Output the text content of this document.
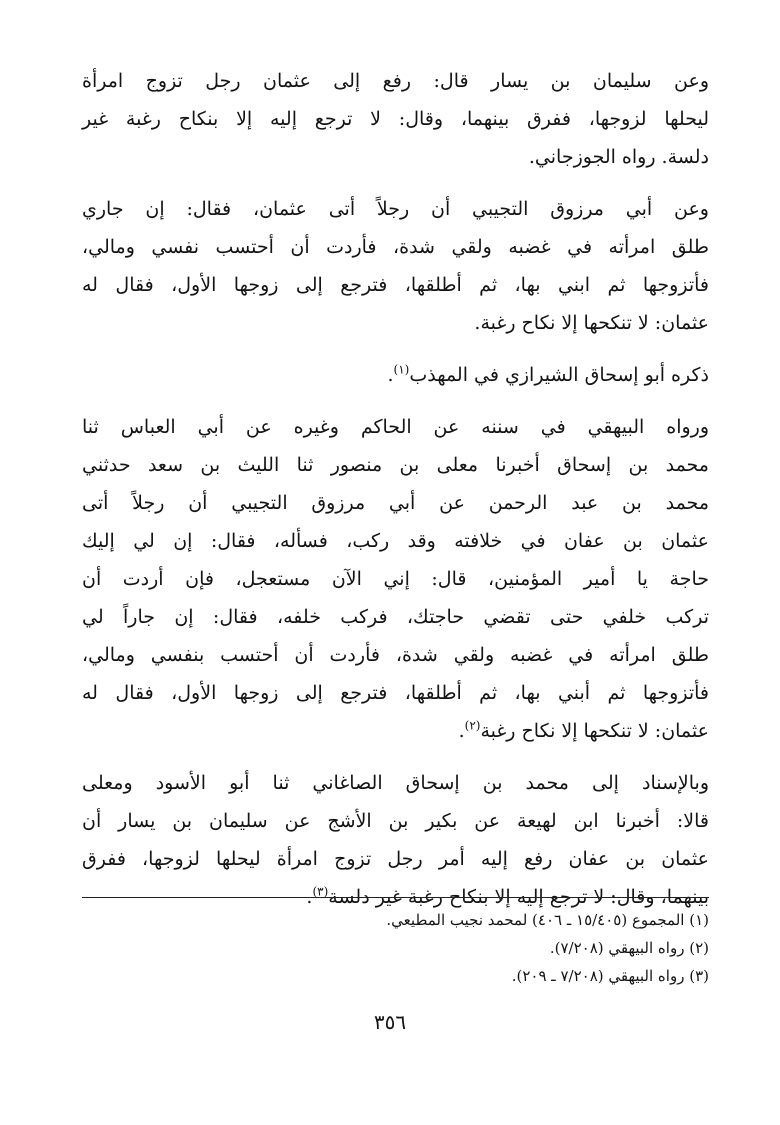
وعن سليمان بن يسار قال: رفع إلى عثمان رجل تزوج امرأة
ليحلها لزوجها، ففرق بينهما، وقال: لا ترجع إليه إلا بنكاح رغبة غير
دلسة. رواه الجوزجاني.

وعن أبي مرزوق التجيبي أن رجلاً أتى عثمان، فقال: إن جاري
طلق امرأته في غضبه ولقي شدة، فأردت أن أحتسب نفسي ومالي،
فأتزوجها ثم ابني بها، ثم أطلقها، فترجع إلى زوجها الأول، فقال له
عثمان: لا تنكحها إلا نكاح رغبة.

ذكره أبو إسحاق الشيرازي في المهذب$^{(١)}$.

ورواه البيهقي في سننه عن الحاكم وغيره عن أبي العباس ثنا
محمد بن إسحاق أخبرنا معلى بن منصور ثنا الليث بن سعد حدثني
محمد بن عبد الرحمن عن أبي مرزوق التجيبي أن رجلاً أتى
عثمان بن عفان في خلافته وقد ركب، فسأله، فقال: إن لي إليك
حاجة يا أمير المؤمنين، قال: إني الآن مستعجل، فإن أردت أن
تركب خلفي حتى تقضي حاجتك، فركب خلفه، فقال: إن جاراً لي
طلق امرأته في غضبه ولقي شدة، فأردت أن أحتسب بنفسي ومالي،
فأتزوجها ثم أبني بها، ثم أطلقها، فترجع إلى زوجها الأول، فقال له
عثمان: لا تنكحها إلا نكاح رغبة$^{(٢)}$.

وبالإسناد إلى محمد بن إسحاق الصاغاني ثنا أبو الأسود ومعلى
قالا: أخبرنا ابن لهيعة عن بكير بن الأشج عن سليمان بن يسار أن
عثمان بن عفان رفع إليه أمر رجل تزوج امرأة ليحلها لزوجها، ففرق
بينهما، وقال: لا ترجع إليه إلا بنكاح رغبة غير دلسة$^{(٣)}$.

(١) المجموع (١٥/٤٠٥ ـ ٤٠٦) لمحمد نجيب المطيعي.
(٢) رواه البيهقي (٧/٢٠٨).
(٣) رواه البيهقي (٧/٢٠٨ ـ ٢٠٩).
٣٥٦
